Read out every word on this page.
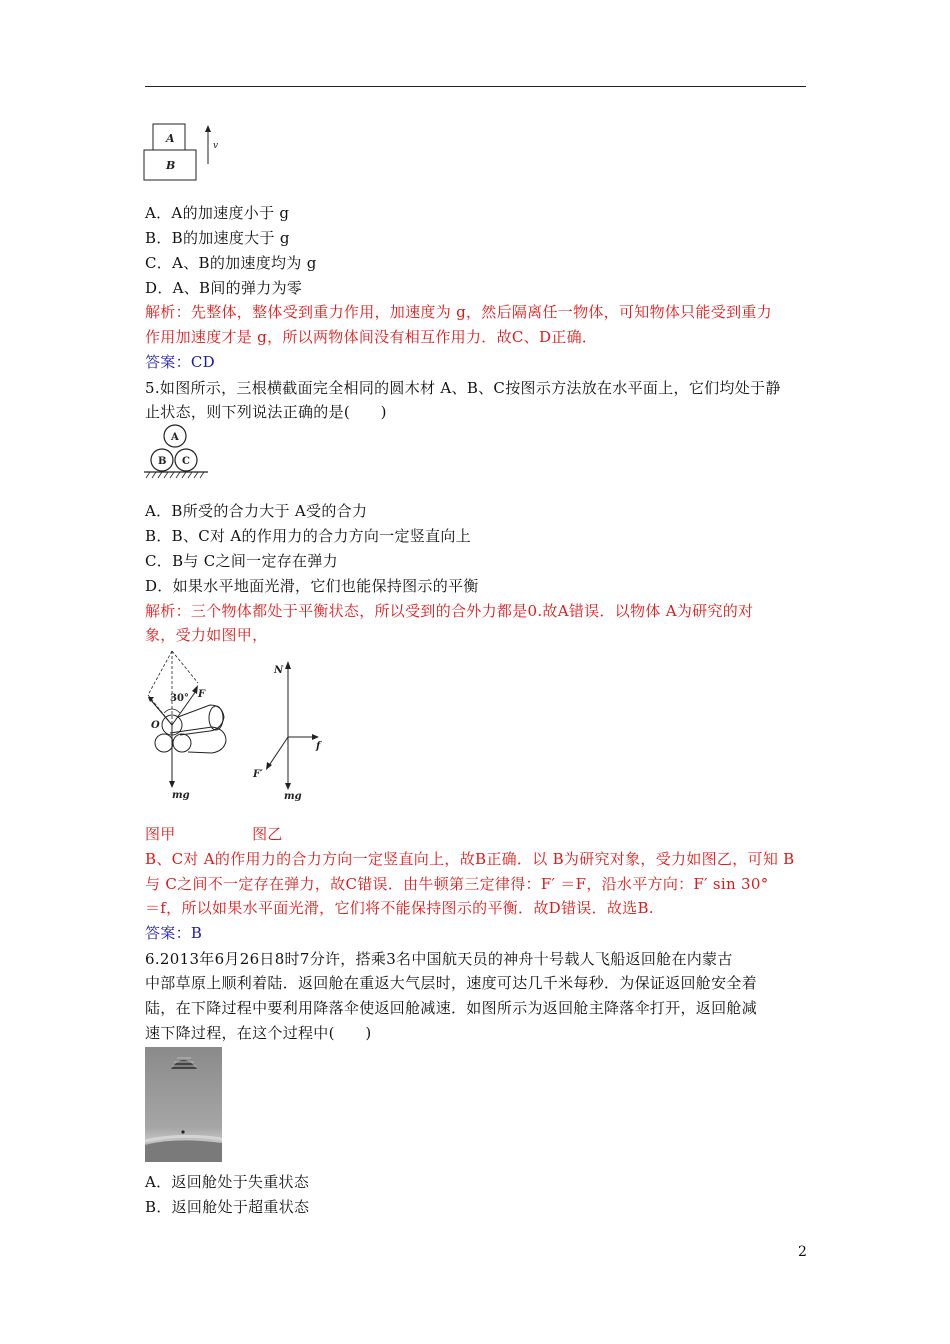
A
B
v
A
B C
30° F
O
mg
N
f
F′
mg
A．A的加速度小于 g
B．B的加速度大于 g
C．A、B的加速度均为 g
D．A、B间的弹力为零
解析：先整体，整体受到重力作用，加速度为 g，然后隔离任一物体，可知物体只能受到重力
作用加速度才是 g，所以两物体间没有相互作用力．故C、D正确．
答案：CD
5.如图所示，三根横截面完全相同的圆木材 A、B、C按图示方法放在水平面上，它们均处于静
止状态，则下列说法正确的是(　　)
A．B所受的合力大于 A受的合力
B．B、C对 A的作用力的合力方向一定竖直向上
C．B与 C之间一定存在弹力
D．如果水平地面光滑，它们也能保持图示的平衡
解析：三个物体都处于平衡状态，所以受到的合外力都是0.故A错误．以物体 A为研究的对
象，受力如图甲，
图甲　　　　　图乙
B、C对 A的作用力的合力方向一定竖直向上，故B正确．以 B为研究对象，受力如图乙，可知 B
与 C之间不一定存在弹力，故C错误．由牛顿第三定律得：F′ ＝F，沿水平方向：F′ sin 30°
＝f，所以如果水平面光滑，它们将不能保持图示的平衡．故D错误．故选B.
答案：B
6.2013年6月26日8时7分许，搭乘3名中国航天员的神舟十号载人飞船返回舱在内蒙古
中部草原上顺利着陆．返回舱在重返大气层时，速度可达几千米每秒．为保证返回舱安全着
陆，在下降过程中要利用降落伞使返回舱减速．如图所示为返回舱主降落伞打开，返回舱减
速下降过程，在这个过程中(　　)
A．返回舱处于失重状态
B．返回舱处于超重状态
2
